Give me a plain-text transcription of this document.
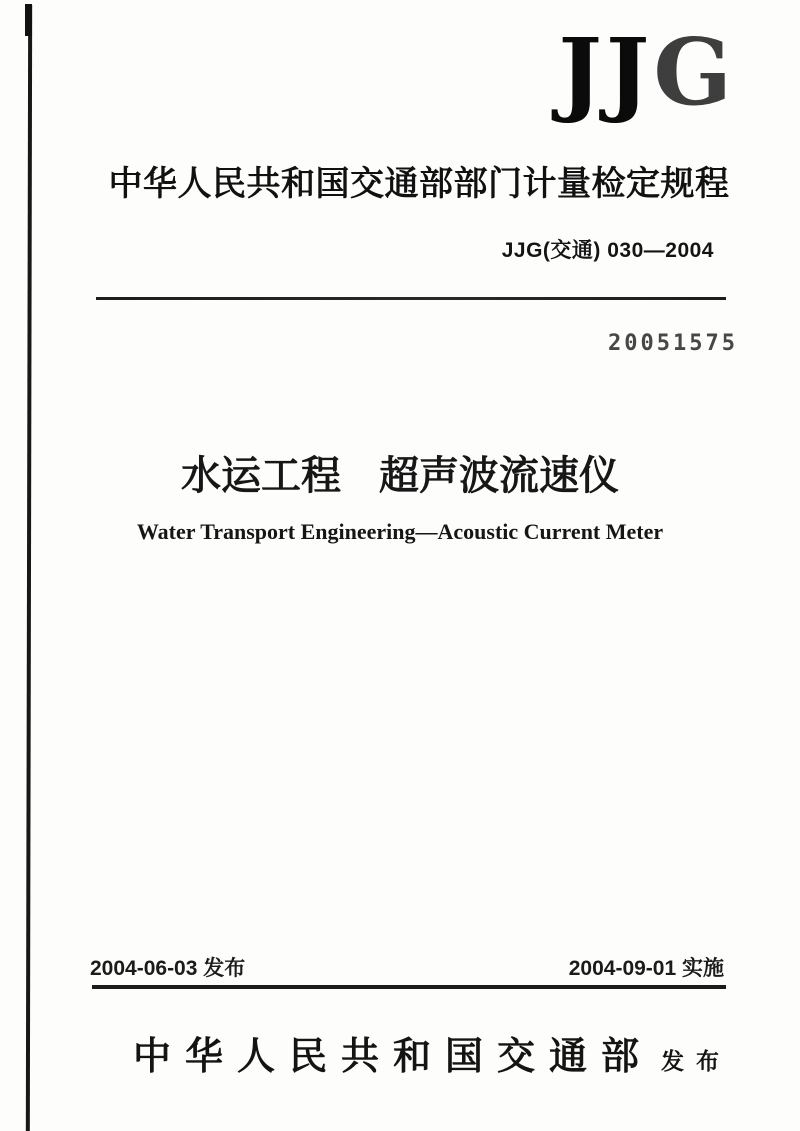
JJG
中华人民共和国交通部部门计量检定规程
JJG(交通) 030—2004
20051575
水运工程 超声波流速仪
Water Transport Engineering—Acoustic Current Meter
2004-06-03 发布	2004-09-01 实施
中华人民共和国交通部 发布
